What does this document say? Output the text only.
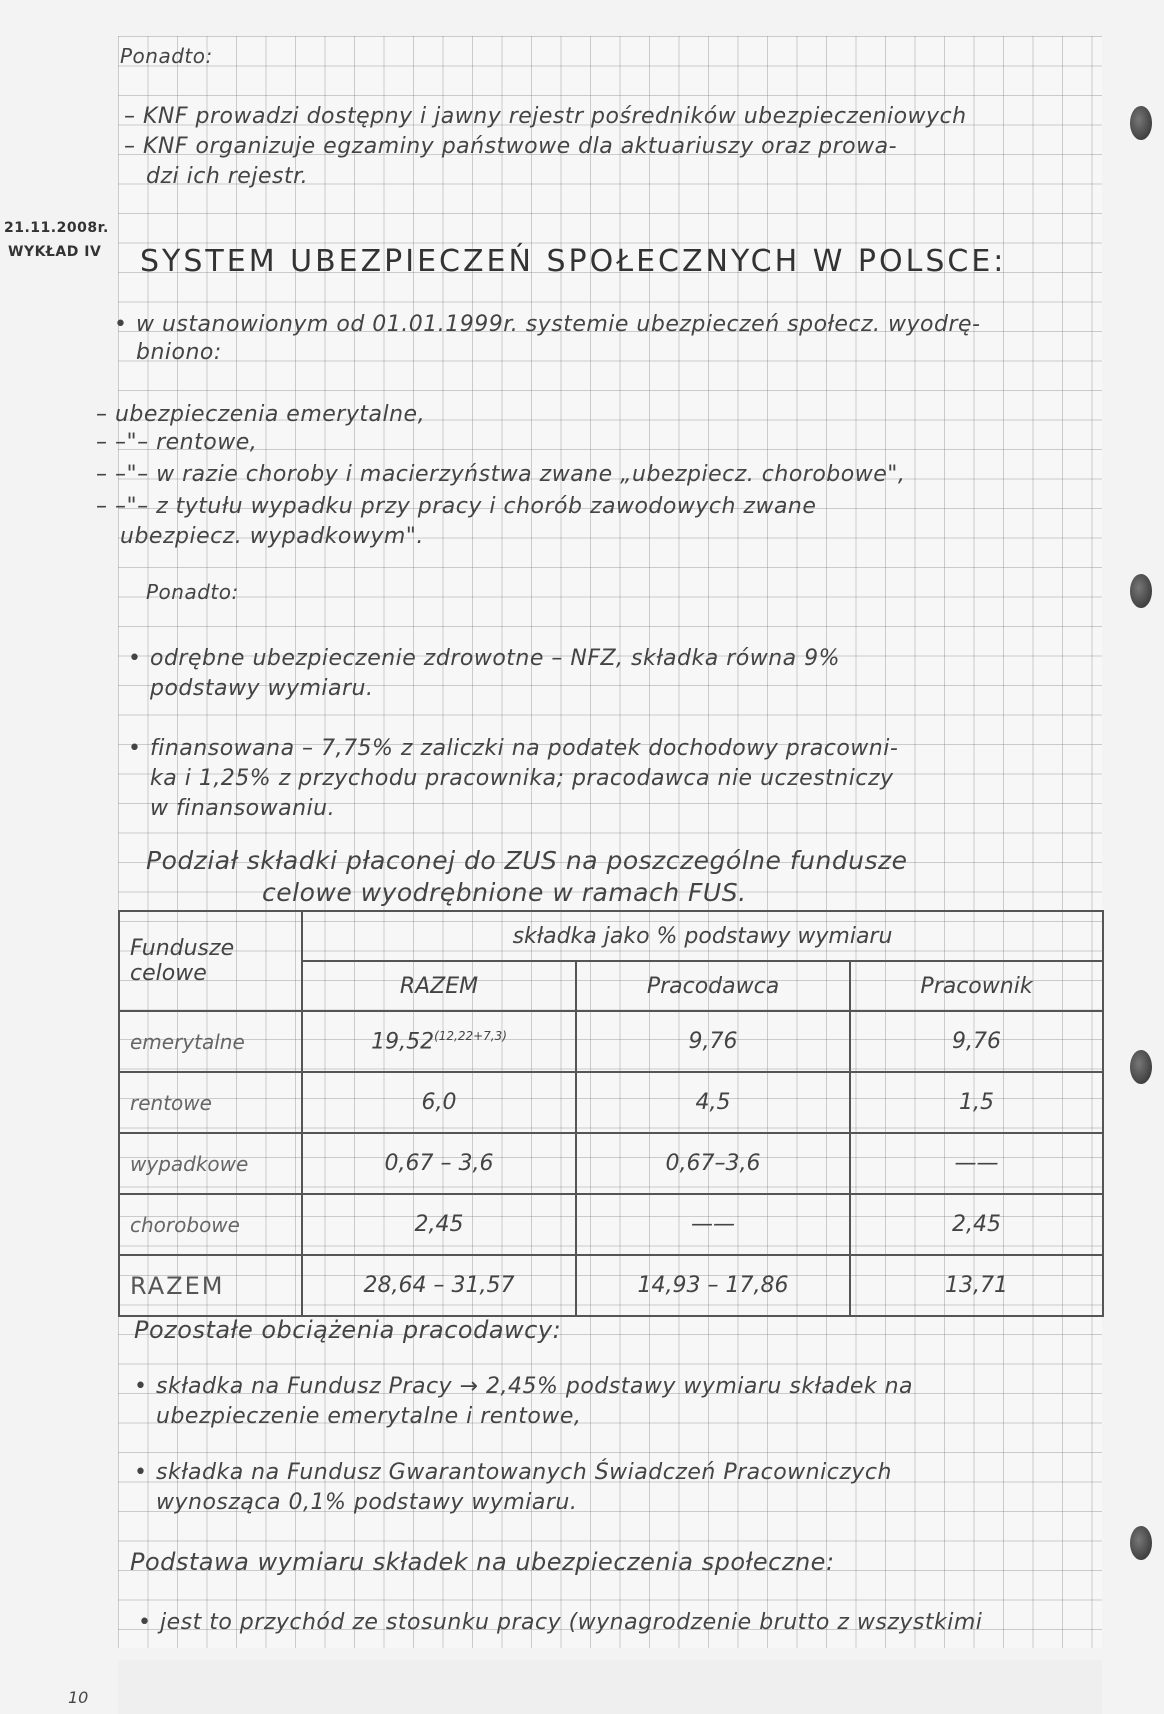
Ponadto:
– KNF prowadzi dostępny i jawny rejestr pośredników ubezpieczeniowych
– KNF organizuje egzaminy państwowe dla aktuariuszy oraz prowa-
dzi ich rejestr.
21.11.2008r.
WYKŁAD IV SYSTEM UBEZPIECZEŃ SPOŁECZNYCH W POLSCE:
• w ustanowionym od 01.01.1999r. systemie ubezpieczeń społecz. wyodrę-
bniono:
– ubezpieczenia emerytalne,
– –"– rentowe,
– –"– w razie choroby i macierzyństwa zwane „ubezpiecz. chorobowe",
– –"– z tytułu wypadku przy pracy i chorób zawodowych zwane
ubezpiecz. wypadkowym".
Ponadto:
• odrębne ubezpieczenie zdrowotne – NFZ, składka równa 9%
podstawy wymiaru.
• finansowana – 7,75% z zaliczki na podatek dochodowy pracowni-
ka i 1,25% z przychodu pracownika; pracodawca nie uczestniczy
w finansowaniu.
Podział składki płaconej do ZUS na poszczególne fundusze
celowe wyodrębnione w ramach FUS.
Fundusze celowe	składka jako % podstawy wymiaru		
	RAZEM	Pracodawca	Pracownik
emerytalne	$19,52^{(12,22+7,3)}$	9,76	9,76
rentowe	6,0	4,5	1,5
wypadkowe	0,67 – 3,6	0,67–3,6	——
chorobowe	2,45	——	2,45
RAZEM	28,64 – 31,57	14,93 – 17,86	13,71
Pozostałe obciążenia pracodawcy:
• składka na Fundusz Pracy → 2,45% podstawy wymiaru składek na
ubezpieczenie emerytalne i rentowe,
• składka na Fundusz Gwarantowanych Świadczeń Pracowniczych
wynosząca 0,1% podstawy wymiaru.
Podstawa wymiaru składek na ubezpieczenia społeczne:
• jest to przychód ze stosunku pracy (wynagrodzenie brutto z wszystkimi
10
